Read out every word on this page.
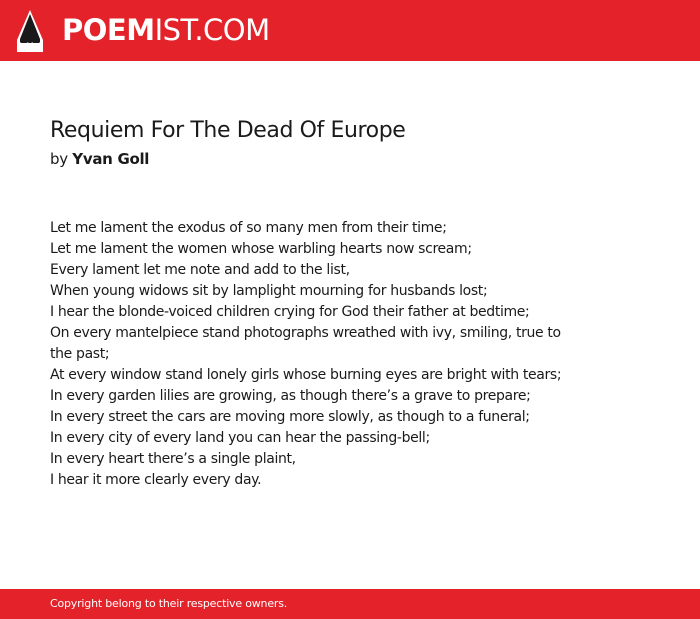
POEMIST.COM
Requiem For The Dead Of Europe
by Yvan Goll
Let me lament the exodus of so many men from their time;
Let me lament the women whose warbling hearts now scream;
Every lament let me note and add to the list,
When young widows sit by lamplight mourning for husbands lost;
I hear the blonde-voiced children crying for God their father at bedtime;
On every mantelpiece stand photographs wreathed with ivy, smiling, true to the past;
At every window stand lonely girls whose burning eyes are bright with tears;
In every garden lilies are growing, as though there’s a grave to prepare;
In every street the cars are moving more slowly, as though to a funeral;
In every city of every land you can hear the passing-bell;
In every heart there’s a single plaint,
I hear it more clearly every day.
Copyright belong to their respective owners.
